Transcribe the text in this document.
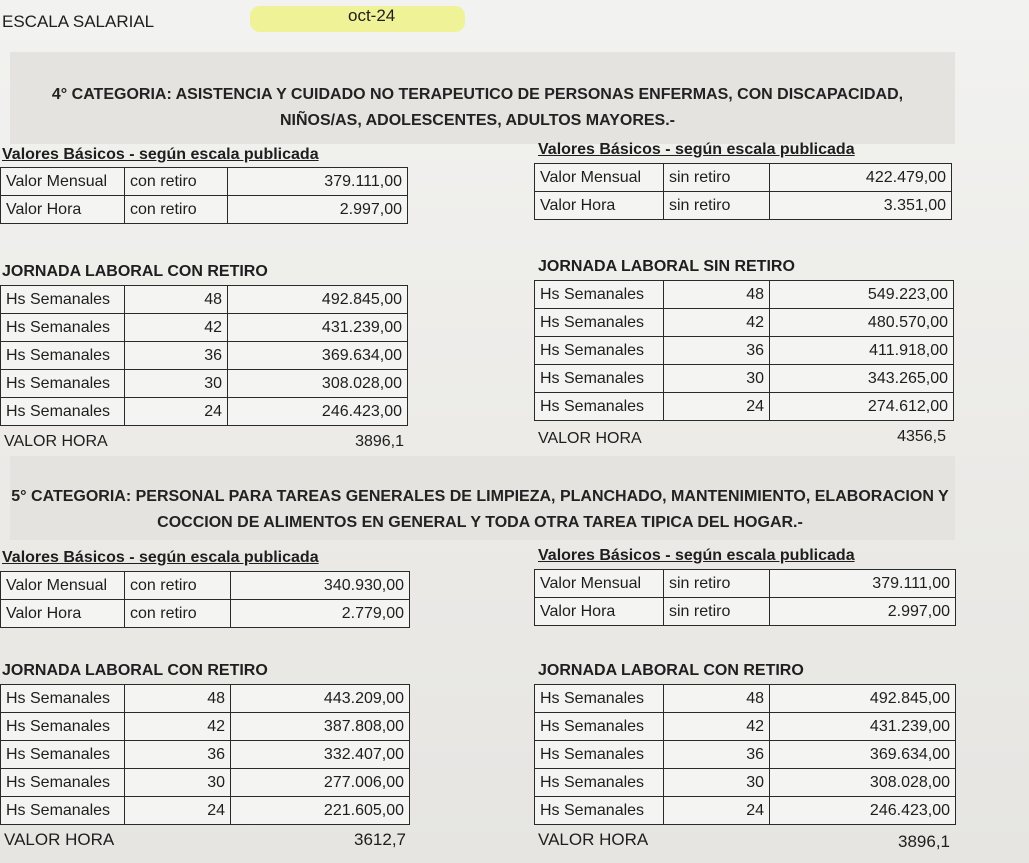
ESCALA SALARIAL	oct-24
4° CATEGORIA: ASISTENCIA Y CUIDADO NO TERAPEUTICO DE PERSONAS ENFERMAS, CON DISCAPACIDAD,
NIÑOS/AS, ADOLESCENTES, ADULTOS MAYORES.-
Valores Básicos - según escala publicada
Valor Mensual	con retiro	379.111,00
Valor Hora	con retiro	2.997,00
Valores Básicos - según escala publicada
Valor Mensual	sin retiro	422.479,00
Valor Hora	sin retiro	3.351,00
JORNADA LABORAL CON RETIRO
Hs Semanales	48	492.845,00
Hs Semanales	42	431.239,00
Hs Semanales	36	369.634,00
Hs Semanales	30	308.028,00
Hs Semanales	24	246.423,00
VALOR HORA	3896,1
JORNADA LABORAL SIN RETIRO
Hs Semanales	48	549.223,00
Hs Semanales	42	480.570,00
Hs Semanales	36	411.918,00
Hs Semanales	30	343.265,00
Hs Semanales	24	274.612,00
VALOR HORA	4356,5
5° CATEGORIA: PERSONAL PARA TAREAS GENERALES DE LIMPIEZA, PLANCHADO, MANTENIMIENTO, ELABORACION Y
COCCION DE ALIMENTOS EN GENERAL Y TODA OTRA TAREA TIPICA DEL HOGAR.-
Valores Básicos - según escala publicada
Valor Mensual	con retiro	340.930,00
Valor Hora	con retiro	2.779,00
Valores Básicos - según escala publicada
Valor Mensual	sin retiro	379.111,00
Valor Hora	sin retiro	2.997,00
JORNADA LABORAL CON RETIRO
Hs Semanales	48	443.209,00
Hs Semanales	42	387.808,00
Hs Semanales	36	332.407,00
Hs Semanales	30	277.006,00
Hs Semanales	24	221.605,00
VALOR HORA	3612,7
JORNADA LABORAL CON RETIRO
Hs Semanales	48	492.845,00
Hs Semanales	42	431.239,00
Hs Semanales	36	369.634,00
Hs Semanales	30	308.028,00
Hs Semanales	24	246.423,00
VALOR HORA	3896,1
